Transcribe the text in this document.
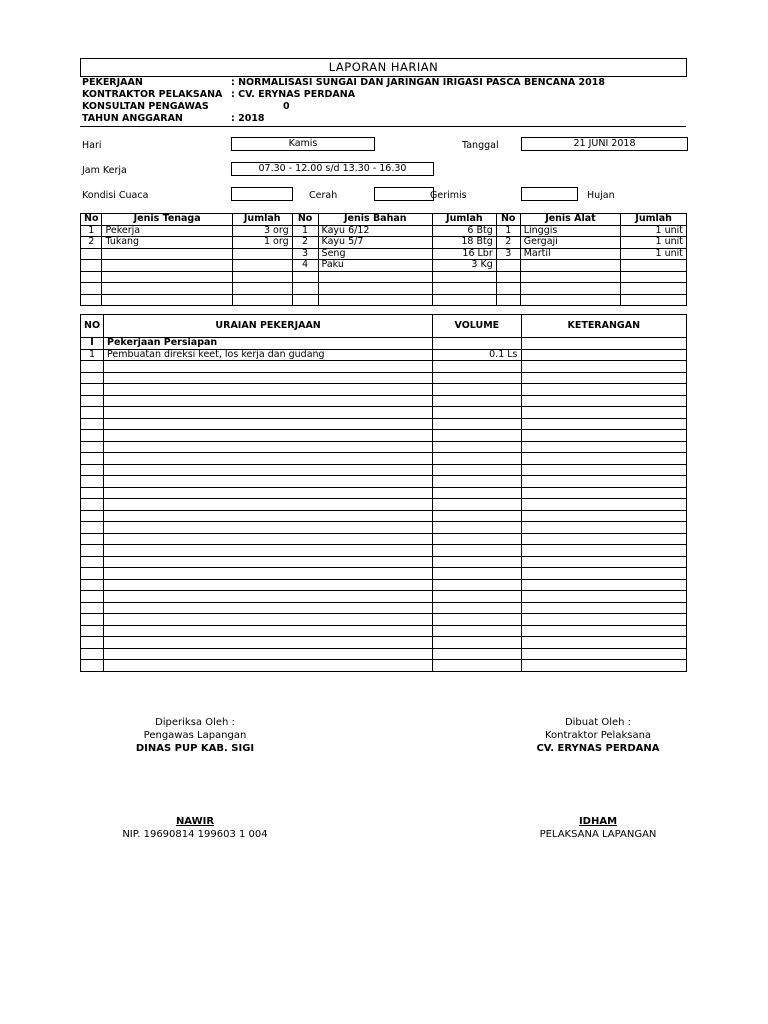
LAPORAN HARIAN
PEKERJAAN	: NORMALISASI SUNGAI DAN JARINGAN IRIGASI PASCA BENCANA 2018
KONTRAKTOR PELAKSANA : CV. ERYNAS PERDANA
KONSULTAN PENGAWAS	0
TAHUN ANGGARAN	: 2018
Hari	Kamis	Tanggal	21 JUNI 2018
Jam Kerja	07.30 - 12.00 s/d 13.30 - 16.30
Kondisi Cuaca	Cerah	Gerimis	Hujan
No	Jenis Tenaga	Jumlah	No	Jenis Bahan	Jumlah	No	Jenis Alat	Jumlah
1	Pekerja	3 org	1	Kayu 6/12	6 Btg	1	Linggis	1 unit
2	Tukang	1 org	2	Kayu 5/7	18 Btg	2	Gergaji	1 unit
			3	Seng	16 Lbr	3	Martil	1 unit
			4	Paku	3 Kg			

NO	URAIAN PEKERJAAN	VOLUME	KETERANGAN
I	Pekerjaan Persiapan		
1	Pembuatan direksi keet, los kerja dan gudang	0.1 Ls	

Diperiksa Oleh :
Pengawas Lapangan
DINAS PUP KAB. SIGI
NAWIR
NIP. 19690814 199603 1 004
Dibuat Oleh :
Kontraktor Pelaksana
CV. ERYNAS PERDANA
IDHAM
PELAKSANA LAPANGAN
